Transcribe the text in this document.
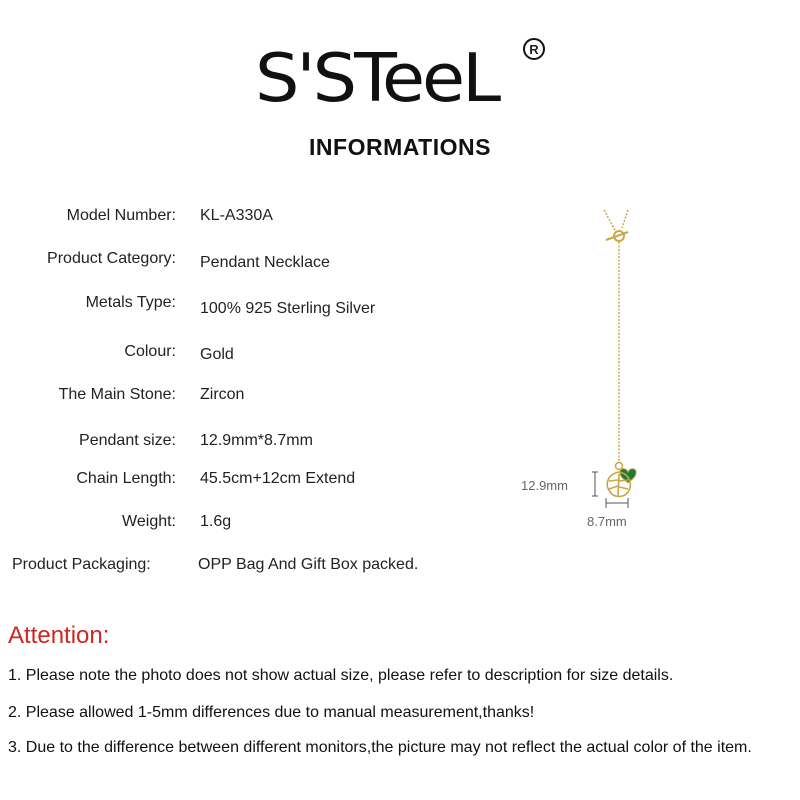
S'STeeL	R
INFORMATIONS
Model Number: KL-A330A
Product Category: Pendant Necklace
Metals Type: 100% 925 Sterling Silver
Colour: Gold
The Main Stone: Zircon
Pendant size: 12.9mm*8.7mm
Chain Length: 45.5cm+12cm Extend
Weight: 1.6g
Product Packaging:	OPP Bag And Gift Box packed.
12.9mm
8.7mm
Attention:
1. Please note the photo does not show actual size, please refer to description for size details.
2. Please allowed 1-5mm differences due to manual measurement,thanks!
3. Due to the difference between different monitors,the picture may not reflect the actual color of the item.
